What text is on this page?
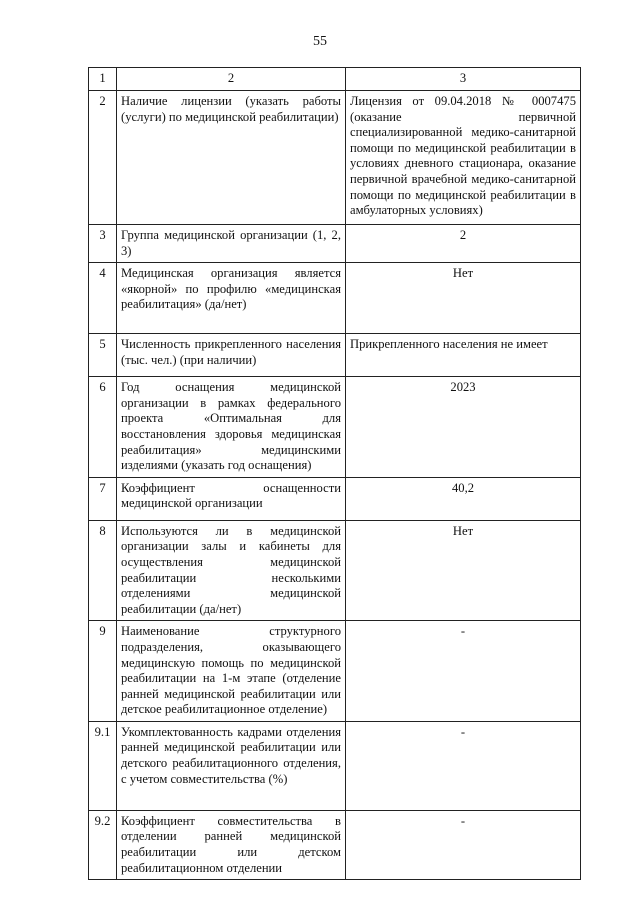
55
1	2	3
2	Наличие лицензии (указать работы (услуги) по медицинской реабилитации)	Лицензия от 09.04.2018 № 0007475 (оказание первичной специализированной медико-санитарной помощи по медицинской реабилитации в условиях дневного стационара, оказание первичной врачебной медико-санитарной помощи по медицинской реабилитации в амбулаторных условиях)
3	Группа медицинской организации (1, 2, 3)	2
4	Медицинская организация является «якорной» по профилю «медицинская реабилитация» (да/нет)	Нет
5	Численность прикрепленного населения (тыс. чел.) (при наличии)	Прикрепленного населения не имеет
6	Год оснащения медицинской организации в рамках федерального проекта «Оптимальная для восстановления здоровья медицинская реабилитация» медицинскими изделиями (указать год оснащения)	2023
7	Коэффициент оснащенности медицинской организации	40,2
8	Используются ли в медицинской организации залы и кабинеты для осуществления медицинской реабилитации несколькими отделениями медицинской реабилитации (да/нет)	Нет
9	Наименование структурного подразделения, оказывающего медицинскую помощь по медицинской реабилитации на 1-м этапе (отделение ранней медицинской реабилитации или детское реабилитационное отделение)	-
9.1	Укомплектованность кадрами отделения ранней медицинской реабилитации или детского реабилитационного отделения, с учетом совместительства (%)	-
9.2	Коэффициент совместительства в отделении ранней медицинской реабилитации или детском реабилитационном отделении	-
